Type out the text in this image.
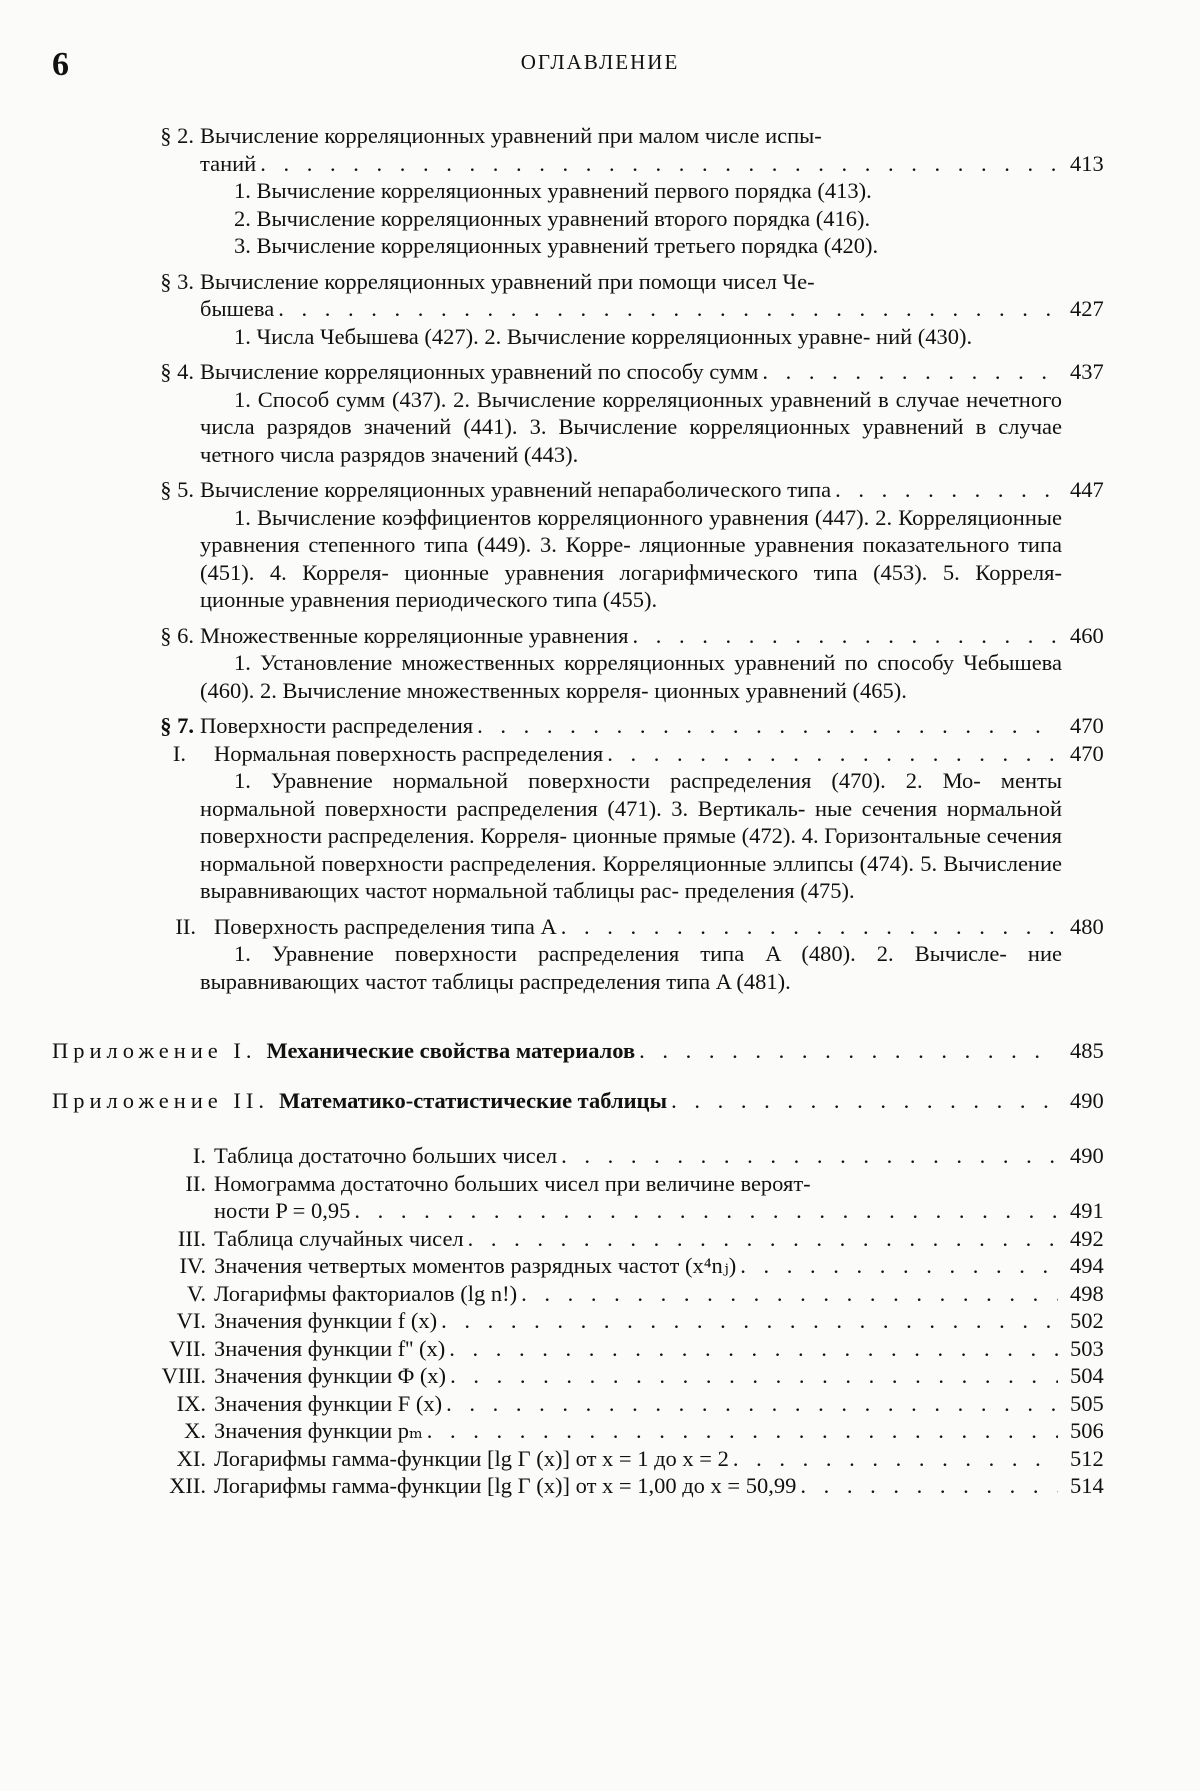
6	ОГЛАВЛЕНИЕ
§ 2. Вычисление корреляционных уравнений при малом числе испы-
таний . . .	413
1. Вычисление корреляционных уравнений первого порядка (413).
2. Вычисление корреляционных уравнений второго порядка (416).
3. Вычисление корреляционных уравнений третьего порядка (420).
§ 3. Вычисление корреляционных уравнений при помощи чисел Че-
бышева . . .	427
1. Числа Чебышева (427). 2. Вычисление корреляционных уравне- ний (430).
§ 4. Вычисление корреляционных уравнений по способу сумм . . .	437
1. Способ сумм (437). 2. Вычисление корреляционных уравнений в случае нечетного числа разрядов значений (441). 3. Вычисление корреляционных уравнений в случае четного числа разрядов значений (443).
§ 5. Вычисление корреляционных уравнений непараболического типа . . .	447
1. Вычисление коэффициентов корреляционного уравнения (447). 2. Корреляционные уравнения степенного типа (449). 3. Корре- ляционные уравнения показательного типа (451). 4. Корреля- ционные уравнения логарифмического типа (453). 5. Корреля- ционные уравнения периодического типа (455).
§ 6. Множественные корреляционные уравнения . . .	460
1. Установление множественных корреляционных уравнений по способу Чебышева (460). 2. Вычисление множественных корреля- ционных уравнений (465).
§ 7. Поверхности распределения . . .	470
I. Нормальная поверхность распределения . . .	470
1. Уравнение нормальной поверхности распределения (470). 2. Мо- менты нормальной поверхности распределения (471). 3. Вертикаль- ные сечения нормальной поверхности распределения. Корреля- ционные прямые (472). 4. Горизонтальные сечения нормальной поверхности распределения. Корреляционные эллипсы (474). 5. Вычисление выравнивающих частот нормальной таблицы рас- пределения (475).
II. Поверхность распределения типа A . . .	480
1. Уравнение поверхности распределения типа A (480). 2. Вычисле- ние выравнивающих частот таблицы распределения типа A (481).
Приложение I. Механические свойства материалов . . .	485
Приложение II. Математико-статистические таблицы . . .	490
I. Таблица достаточно больших чисел . . .	490
II. Номограмма достаточно больших чисел при величине вероят-
ности P = 0,95 . . .	491
III. Таблица случайных чисел . . .	492
IV. Значения четвертых моментов разрядных частот (x⁴nⱼ) . . .	494
V. Логарифмы факториалов (lg n!) . . .	498
VI. Значения функции f (x) . . .	502
VII. Значения функции f'' (x) . . .	503
VIII. Значения функции Φ (x) . . .	504
IX. Значения функции F (x) . . .	505
X. Значения функции pₘ . . .	506
XI. Логарифмы гамма-функции [lg Γ (x)] от x = 1 до x = 2 . . .	512
XII. Логарифмы гамма-функции [lg Γ (x)] от x = 1,00 до x = 50,99 . . .	514
